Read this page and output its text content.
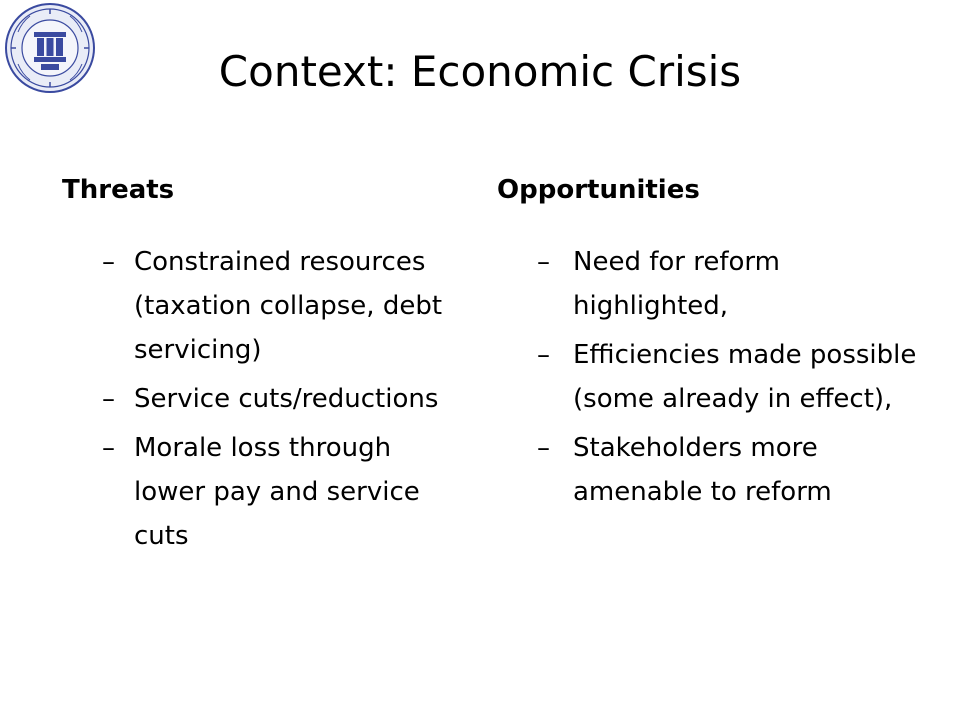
Context: Economic Crisis
Threats
– Constrained resources (taxation collapse, debt servicing)
– Service cuts/reductions
– Morale loss through lower pay and service cuts
Opportunities
– Need for reform highlighted,
– Efficiencies made possible (some already in effect),
– Stakeholders more amenable to reform
